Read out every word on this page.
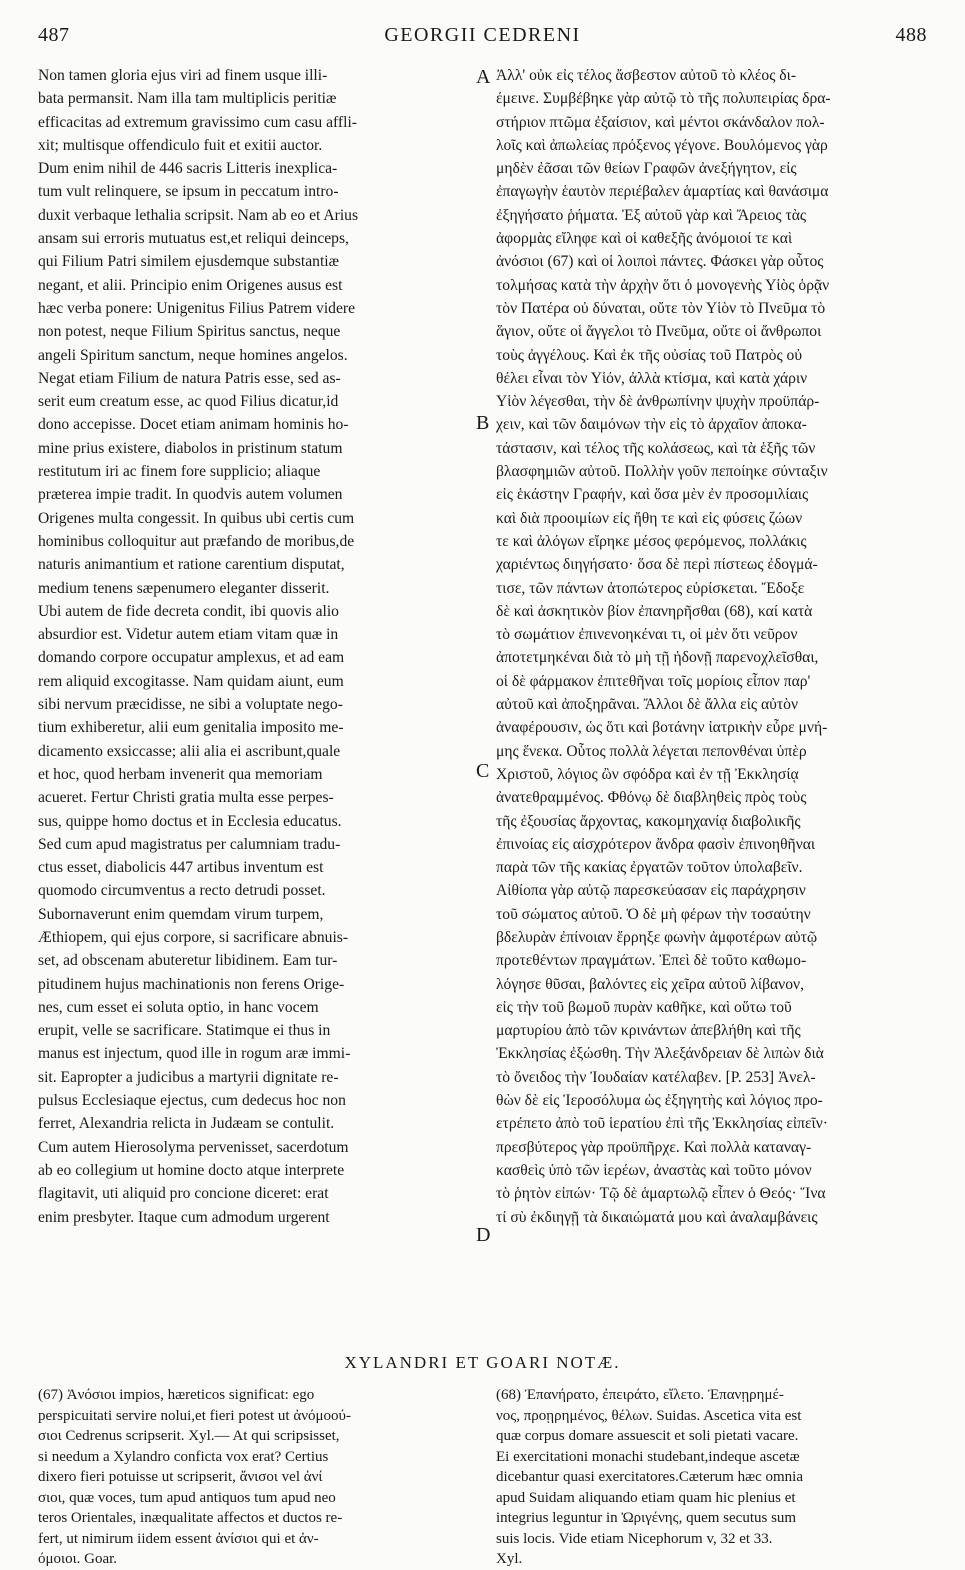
487	GEORGII CEDRENI	488
Non tamen gloria ejus viri ad finem usque illi-
bata permansit. Nam illa tam multiplicis peritiæ
efficacitas ad extremum gravissimo cum casu affli-
xit; multisque offendiculo fuit et exitii auctor.
Dum enim nihil de 446 sacris Litteris inexplica-
tum vult relinquere, se ipsum in peccatum intro-
duxit verbaque lethalia scripsit. Nam ab eo et Arius
ansam sui erroris mutuatus est,et reliqui deinceps,
qui Filium Patri similem ejusdemque substantiæ
negant, et alii. Principio enim Origenes ausus est
hæc verba ponere: Unigenitus Filius Patrem videre
non potest, neque Filium Spiritus sanctus, neque
angeli Spiritum sanctum, neque homines angelos.
Negat etiam Filium de natura Patris esse, sed as-
serit eum creatum esse, ac quod Filius dicatur,id
dono accepisse. Docet etiam animam hominis ho-
mine prius existere, diabolos in pristinum statum
restitutum iri ac finem fore supplicio; aliaque
præterea impie tradit. In quodvis autem volumen
Origenes multa congessit. In quibus ubi certis cum
hominibus colloquitur aut præfando de moribus,de
naturis animantium et ratione carentium disputat,
medium tenens sæpenumero eleganter disserit.
Ubi autem de fide decreta condit, ibi quovis alio
absurdior est. Videtur autem etiam vitam quæ in
domando corpore occupatur amplexus, et ad eam
rem aliquid excogitasse. Nam quidam aiunt, eum
sibi nervum præcidisse, ne sibi a voluptate nego-
tium exhiberetur, alii eum genitalia imposito me-
dicamento exsiccasse; alii alia ei ascribunt,quale
et hoc, quod herbam invenerit qua memoriam
acueret. Fertur Christi gratia multa esse perpes-
sus, quippe homo doctus et in Ecclesia educatus.
Sed cum apud magistratus per calumniam tradu-
ctus esset, diabolicis 447 artibus inventum est
quomodo circumventus a recto detrudi posset.
Subornaverunt enim quemdam virum turpem,
Æthiopem, qui ejus corpore, si sacrificare abnuis-
set, ad obscenam abuteretur libidinem. Eam tur-
pitudinem hujus machinationis non ferens Orige-
nes, cum esset ei soluta optio, in hanc vocem
erupit, velle se sacrificare. Statimque ei thus in
manus est injectum, quod ille in rogum aræ immi-
sit. Eapropter a judicibus a martyrii dignitate re-
pulsus Ecclesiaque ejectus, cum dedecus hoc non
ferret, Alexandria relicta in Judæam se contulit.
Cum autem Hierosolyma pervenisset, sacerdotum
ab eo collegium ut homine docto atque interprete
flagitavit, uti aliquid pro concione diceret: erat
enim presbyter. Itaque cum admodum urgerent
Ἀλλ' οὐκ εἰς τέλος ἄσβεστον αὐτοῦ τὸ κλέος δι-
έμεινε. Συμβέβηκε γὰρ αὐτῷ τὸ τῆς πολυπειρίας δρα-
στήριον πτῶμα ἐξαίσιον, καὶ μέντοι σκάνδαλον πολ-
λοῖς καὶ ἀπωλείας πρόξενος γέγονε. Βουλόμενος γὰρ
μηδὲν ἐᾶσαι τῶν θείων Γραφῶν ἀνεξήγητον, εἰς
ἐπαγωγὴν ἑαυτὸν περιέβαλεν ἁμαρτίας καὶ θανάσιμα
ἐξηγήσατο ῥήματα. Ἐξ αὐτοῦ γὰρ καὶ Ἄρειος τὰς
ἀφορμὰς εἴληφε καὶ οἱ καθεξῆς ἀνόμοιοί τε καὶ
ἀνόσιοι (67) καὶ οἱ λοιποὶ πάντες. Φάσκει γὰρ οὗτος
τολμήσας κατὰ τὴν ἀρχὴν ὅτι ὁ μονογενὴς Υἱὸς ὁρᾷν
τὸν Πατέρα οὐ δύναται, οὔτε τὸν Υἱὸν τὸ Πνεῦμα τὸ
ἅγιον, οὔτε οἱ ἄγγελοι τὸ Πνεῦμα, οὔτε οἱ ἄνθρωποι
τοὺς ἀγγέλους. Καὶ ἐκ τῆς οὐσίας τοῦ Πατρὸς οὐ
θέλει εἶναι τὸν Υἱόν, ἀλλὰ κτίσμα, καὶ κατὰ χάριν
Υἱὸν λέγεσθαι, τὴν δὲ ἀνθρωπίνην ψυχὴν προϋπάρ-
χειν, καὶ τῶν δαιμόνων τὴν εἰς τὸ ἀρχαῖον ἀποκα-
τάστασιν, καὶ τέλος τῆς κολάσεως, καὶ τὰ ἑξῆς τῶν
βλασφημιῶν αὐτοῦ. Πολλὴν γοῦν πεποίηκε σύνταξιν
εἰς ἑκάστην Γραφήν, καὶ ὅσα μὲν ἐν προσομιλίαις
καὶ διὰ προοιμίων εἰς ἤθη τε καὶ εἰς φύσεις ζώων
τε καὶ ἀλόγων εἴρηκε μέσος φερόμενος, πολλάκις
χαριέντως διηγήσατο· ὅσα δὲ περὶ πίστεως ἐδογμά-
τισε, τῶν πάντων ἀτοπώτερος εὑρίσκεται. Ἔδοξε
δὲ καὶ ἀσκητικὸν βίον ἐπανηρῆσθαι (68), καί κατὰ
τὸ σωμάτιον ἐπινενοηκέναι τι, οἱ μὲν ὅτι νεῦρον
ἀποτετμηκέναι διὰ τὸ μὴ τῇ ἡδονῇ παρενοχλεῖσθαι,
οἱ δὲ φάρμακον ἐπιτεθῆναι τοῖς μορίοις εἶπον παρ'
αὐτοῦ καὶ ἀποξηρᾶναι. Ἄλλοι δὲ ἄλλα εἰς αὐτὸν
ἀναφέρουσιν, ὡς ὅτι καὶ βοτάνην ἰατρικὴν εὗρε μνή-
μης ἕνεκα. Οὗτος πολλὰ λέγεται πεπονθέναι ὑπὲρ
Χριστοῦ, λόγιος ὢν σφόδρα καὶ ἐν τῇ Ἐκκλησίᾳ
ἀνατεθραμμένος. Φθόνῳ δὲ διαβληθεὶς πρὸς τοὺς
τῆς ἐξουσίας ἄρχοντας, κακομηχανίᾳ διαβολικῆς
ἐπινοίας εἰς αἰσχρότερον ἄνδρα φασὶν ἐπινοηθῆναι
παρὰ τῶν τῆς κακίας ἐργατῶν τοῦτον ὑπολαβεῖν.
Αἰθίοπα γὰρ αὐτῷ παρεσκεύασαν εἰς παράχρησιν
τοῦ σώματος αὐτοῦ. Ὁ δὲ μὴ φέρων τὴν τοσαύτην
βδελυρὰν ἐπίνοιαν ἔρρηξε φωνὴν ἀμφοτέρων αὐτῷ
προτεθέντων πραγμάτων. Ἐπεὶ δὲ τοῦτο καθωμο-
λόγησε θῦσαι, βαλόντες εἰς χεῖρα αὐτοῦ λίβανον,
εἰς τὴν τοῦ βωμοῦ πυρὰν καθῆκε, καὶ οὕτω τοῦ
μαρτυρίου ἀπὸ τῶν κρινάντων ἀπεβλήθη καὶ τῆς
Ἐκκλησίας ἐξώσθη. Τὴν Ἀλεξάνδρειαν δὲ λιπὼν διὰ
τὸ ὄνειδος τὴν Ἰουδαίαν κατέλαβεν. [P. 253] Ἀνελ-
θὼν δὲ εἰς Ἱεροσόλυμα ὡς ἐξηγητὴς καὶ λόγιος προ-
ετρέπετο ἀπὸ τοῦ ἱερατίου ἐπὶ τῆς Ἐκκλησίας εἰπεῖν·
πρεσβύτερος γὰρ προϋπῆρχε. Καὶ πολλὰ καταναγ-
κασθεὶς ὑπὸ τῶν ἱερέων, ἀναστὰς καὶ τοῦτο μόνον
τὸ ῥητὸν εἰπών· Τῷ δὲ ἁμαρτωλῷ εἶπεν ὁ Θεός· Ἵνα
τί σὺ ἐκδιηγῇ τὰ δικαιώματά μου καὶ ἀναλαμβάνεις
A
B
C
D
XYLANDRI ET GOARI NOTÆ.
(67) Ἀνόσιοι impios, hæreticos significat: ego
perspicuitati servire nolui,et fieri potest ut ἀνόμοού-
σιοι Cedrenus scripserit. Xyl.— At qui scripsisset,
si needum a Xylandro conficta vox erat? Certius
dixero fieri potuisse ut scripserit, ἄνισοι vel ἀνί
σιοι, quæ voces, tum apud antiquos tum apud neo
teros Orientales, inæqualitate affectos et ductos re-
fert, ut nimirum iidem essent ἀνίσιοι qui et ἀν-
όμοιοι. Goar.
(68) Ἐπανήρατο, ἐπειράτο, εἵλετο. Ἐπανῃρημέ-
νος, προῃρημένος, θέλων. Suidas. Ascetica vita est
quæ corpus domare assuescit et soli pietati vacare.
Ei exercitationi monachi studebant,indeque ascetæ
dicebantur quasi exercitatores.Cæterum hæc omnia
apud Suidam aliquando etiam quam hic plenius et
integrius leguntur in Ὠριγένης, quem secutus sum
suis locis. Vide etiam Nicephorum v, 32 et 33.
Xyl.
